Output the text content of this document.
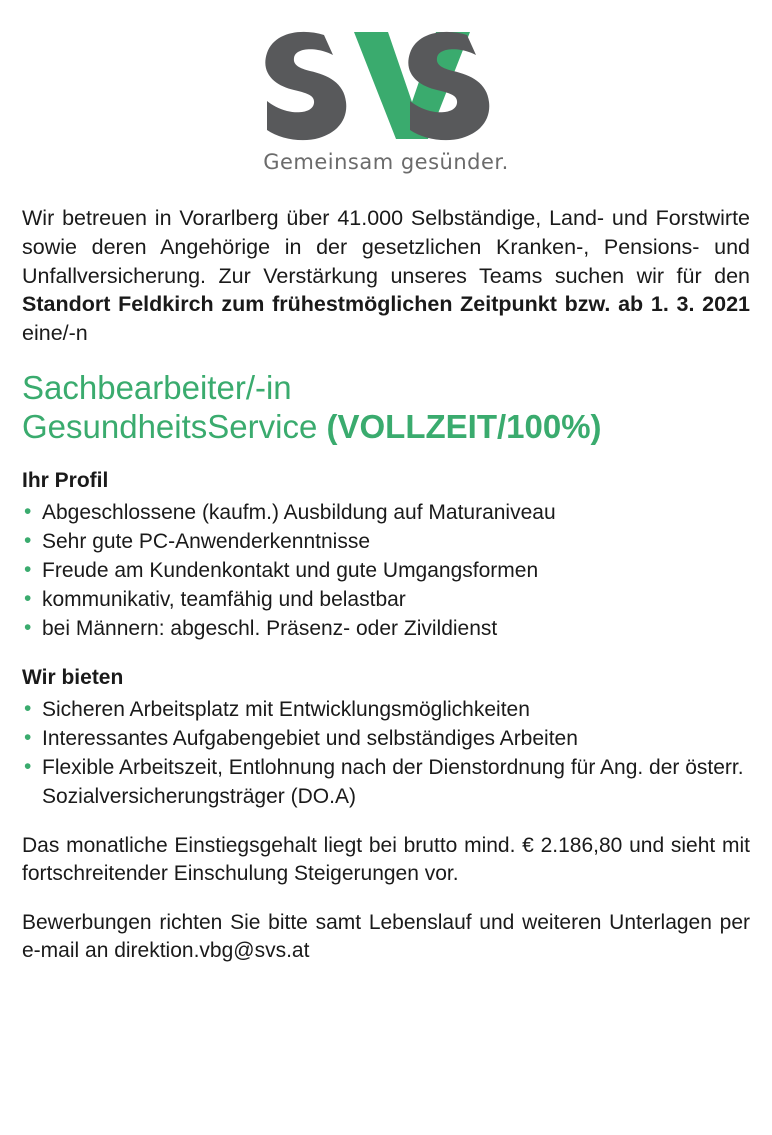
Gemeinsam gesünder.

Wir betreuen in Vorarlberg über 41.000 Selbständige, Land- und Forstwirte sowie deren Angehörige in der gesetzlichen Kranken-, Pensions- und Unfallversicherung. Zur Verstärkung unseres Teams suchen wir für den Standort Feldkirch zum frühestmöglichen Zeitpunkt bzw. ab 1. 3. 2021 eine/-n

Sachbearbeiter/-in
GesundheitsService (VOLLZEIT/100%)
Ihr Profil
• Abgeschlossene (kaufm.) Ausbildung auf Maturaniveau
• Sehr gute PC-Anwenderkenntnisse
• Freude am Kundenkontakt und gute Umgangsformen
• kommunikativ, teamfähig und belastbar
• bei Männern: abgeschl. Präsenz- oder Zivildienst
Wir bieten
• Sicheren Arbeitsplatz mit Entwicklungsmöglichkeiten
• Interessantes Aufgabengebiet und selbständiges Arbeiten
• Flexible Arbeitszeit, Entlohnung nach der Dienstordnung für Ang. der österr. Sozialversicherungsträger (DO.A)

Das monatliche Einstiegsgehalt liegt bei brutto mind. € 2.186,80 und sieht mit fortschreitender Einschulung Steigerungen vor.

Bewerbungen richten Sie bitte samt Lebenslauf und weiteren Unterlagen per e-mail an direktion.vbg@svs.at
